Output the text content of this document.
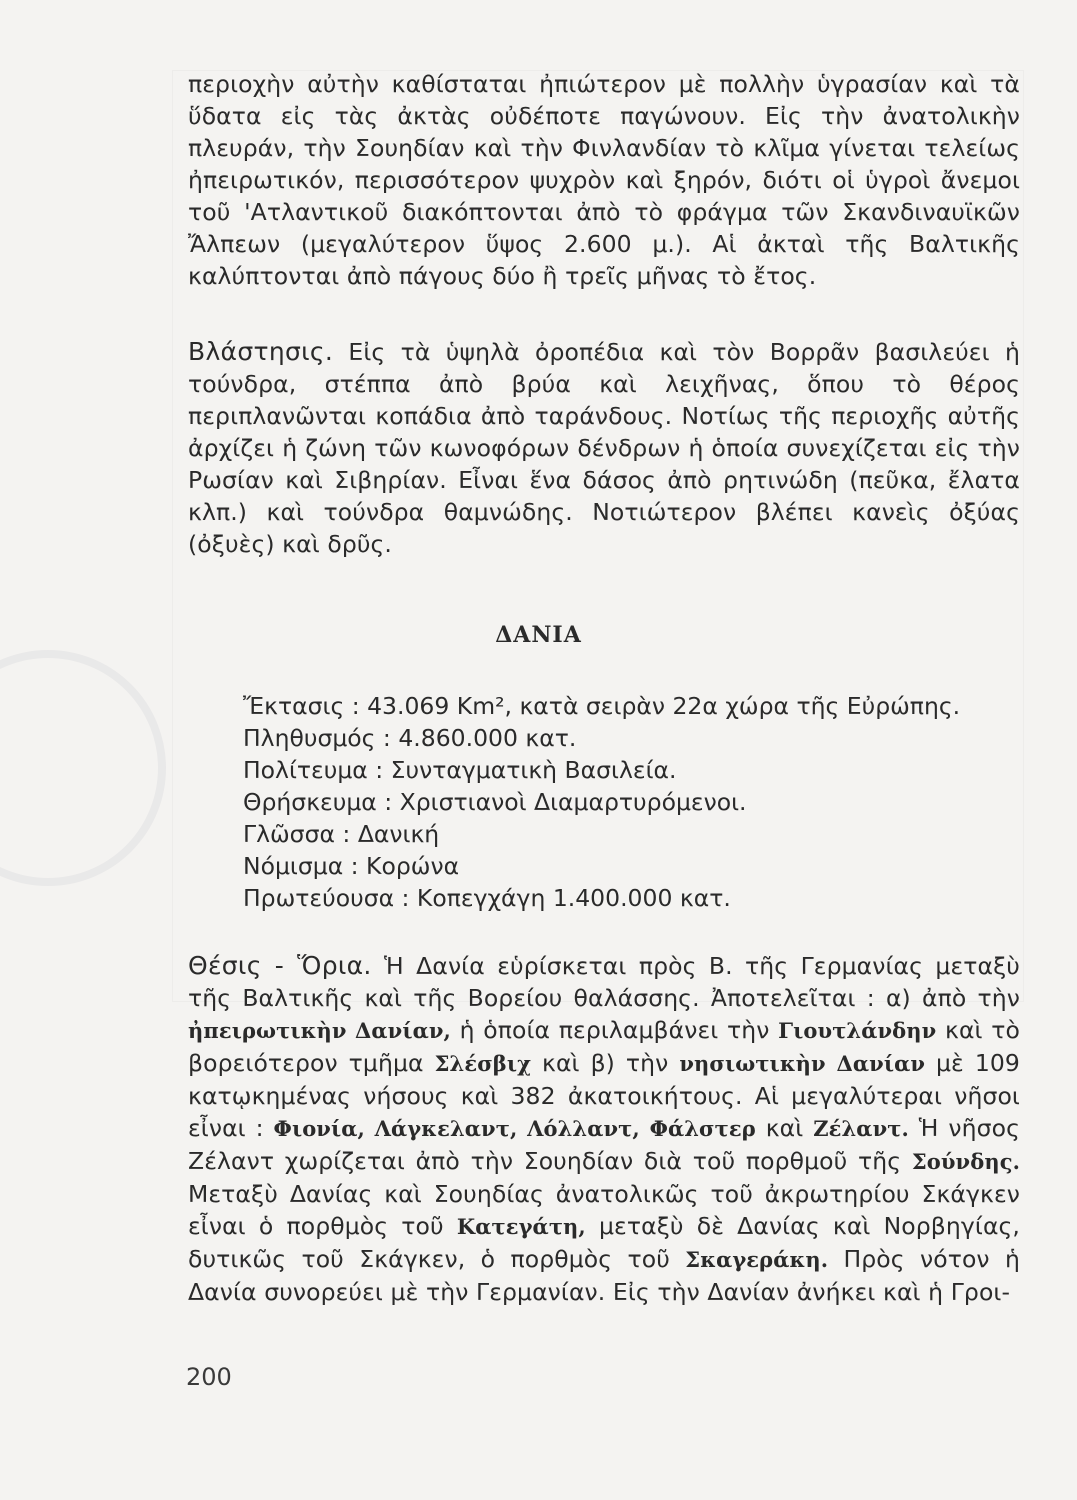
περιοχὴν αὐτὴν καθίσταται ἠπιώτερον μὲ πολλὴν ὑγρασίαν καὶ τὰ ὕδατα εἰς τὰς ἀκτὰς οὐδέποτε παγώνουν. Εἰς τὴν ἀνατολικὴν πλευράν, τὴν Σουηδίαν καὶ τὴν Φινλανδίαν τὸ κλῖμα γίνεται τελείως ἠπειρωτικόν, περισσότερον ψυχρὸν καὶ ξηρόν, διότι οἱ ὑγροὶ ἄνεμοι τοῦ 'Ατλαντικοῦ διακόπτονται ἀπὸ τὸ φράγμα τῶν Σκανδιναυϊκῶν Ἄλπεων (μεγαλύτερον ὕψος 2.600 μ.). Αἱ ἀκταὶ τῆς Βαλτικῆς καλύπτονται ἀπὸ πάγους δύο ἢ τρεῖς μῆνας τὸ ἔτος.
Βλάστησις. Εἰς τὰ ὑψηλὰ ὀροπέδια καὶ τὸν Βορρᾶν βασιλεύει ἡ τούνδρα, στέππα ἀπὸ βρύα καὶ λειχῆνας, ὅπου τὸ θέρος περιπλανῶνται κοπάδια ἀπὸ ταράνδους. Νοτίως τῆς περιοχῆς αὐτῆς ἀρχίζει ἡ ζώνη τῶν κωνοφόρων δένδρων ἡ ὁποία συνεχίζεται εἰς τὴν Ρωσίαν καὶ Σιβηρίαν. Εἶναι ἕνα δάσος ἀπὸ ρητινώδη (πεῦκα, ἔλατα κλπ.) καὶ τούνδρα θαμνώδης. Νοτιώτερον βλέπει κανεὶς ὀξύας (ὀξυὲς) καὶ δρῦς.
ΔΑΝΙΑ
Ἔκτασις : 43.069 Km², κατὰ σειρὰν 22α χώρα τῆς Εὐρώπης.
Πληθυσμός : 4.860.000 κατ.
Πολίτευμα : Συνταγματικὴ Βασιλεία.
Θρήσκευμα : Χριστιανοὶ Διαμαρτυρόμενοι.
Γλῶσσα : Δανική
Νόμισμα : Κορώνα
Πρωτεύουσα : Κοπεγχάγη 1.400.000 κατ.
Θέσις - Ὅρια. Ἡ Δανία εὑρίσκεται πρὸς Β. τῆς Γερμανίας μεταξὺ τῆς Βαλτικῆς καὶ τῆς Βορείου θαλάσσης. Ἀποτελεῖται : α) ἀπὸ τὴν ἠπειρωτικὴν Δανίαν, ἡ ὁποία περιλαμβάνει τὴν Γιουτλάνδην καὶ τὸ βορειότερον τμῆμα Σλέσβιχ καὶ β) τὴν νησιωτικὴν Δανίαν μὲ 109 κατῳκημένας νήσους καὶ 382 ἀκατοικήτους. Αἱ μεγαλύτεραι νῆσοι εἶναι : Φιονία, Λάγκελαντ, Λόλλαντ, Φάλστερ καὶ Ζέλαντ. Ἡ νῆσος Ζέλαντ χωρίζεται ἀπὸ τὴν Σουηδίαν διὰ τοῦ πορθμοῦ τῆς Σούνδης. Μεταξὺ Δανίας καὶ Σουηδίας ἀνατολικῶς τοῦ ἀκρωτηρίου Σκάγκεν εἶναι ὁ πορθμὸς τοῦ Κατεγάτη, μεταξὺ δὲ Δανίας καὶ Νορβηγίας, δυτικῶς τοῦ Σκάγκεν, ὁ πορθμὸς τοῦ Σκαγεράκη. Πρὸς νότον ἡ Δανία συνορεύει μὲ τὴν Γερμανίαν. Εἰς τὴν Δανίαν ἀνήκει καὶ ἡ Γροι-
200
